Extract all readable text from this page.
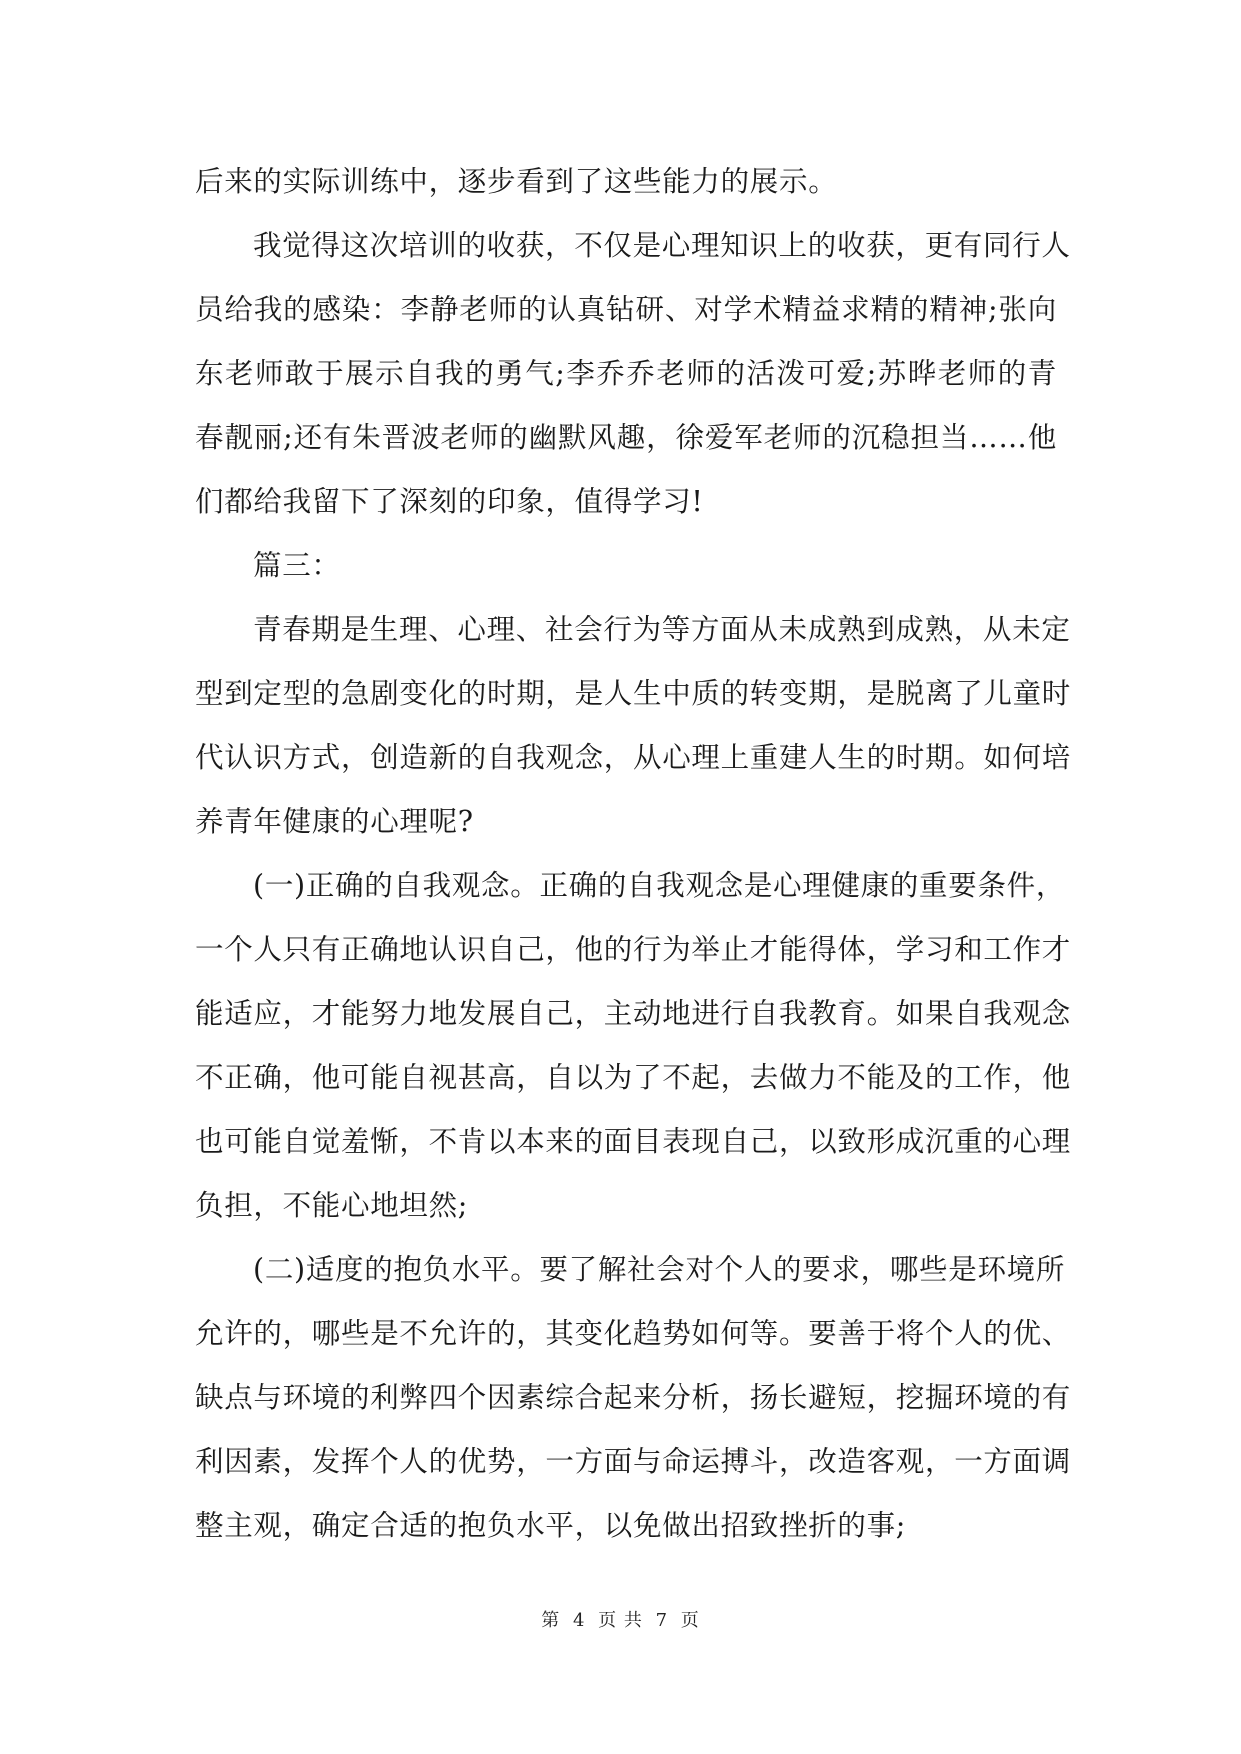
后来的实际训练中，逐步看到了这些能力的展示。
我觉得这次培训的收获，不仅是心理知识上的收获，更有同行人
员给我的感染：李静老师的认真钻研、对学术精益求精的精神;张向
东老师敢于展示自我的勇气;李乔乔老师的活泼可爱;苏晔老师的青
春靓丽;还有朱晋波老师的幽默风趣，徐爱军老师的沉稳担当……他
们都给我留下了深刻的印象，值得学习!
篇三：
青春期是生理、心理、社会行为等方面从未成熟到成熟，从未定
型到定型的急剧变化的时期，是人生中质的转变期，是脱离了儿童时
代认识方式，创造新的自我观念，从心理上重建人生的时期。如何培
养青年健康的心理呢?
(一)正确的自我观念。正确的自我观念是心理健康的重要条件，
一个人只有正确地认识自己，他的行为举止才能得体，学习和工作才
能适应，才能努力地发展自己，主动地进行自我教育。如果自我观念
不正确，他可能自视甚高，自以为了不起，去做力不能及的工作，他
也可能自觉羞惭，不肯以本来的面目表现自己，以致形成沉重的心理
负担，不能心地坦然;
(二)适度的抱负水平。要了解社会对个人的要求，哪些是环境所
允许的，哪些是不允许的，其变化趋势如何等。要善于将个人的优、
缺点与环境的利弊四个因素综合起来分析，扬长避短，挖掘环境的有
利因素，发挥个人的优势，一方面与命运搏斗，改造客观，一方面调
整主观，确定合适的抱负水平，以免做出招致挫折的事;
第 4 页 共 7 页
